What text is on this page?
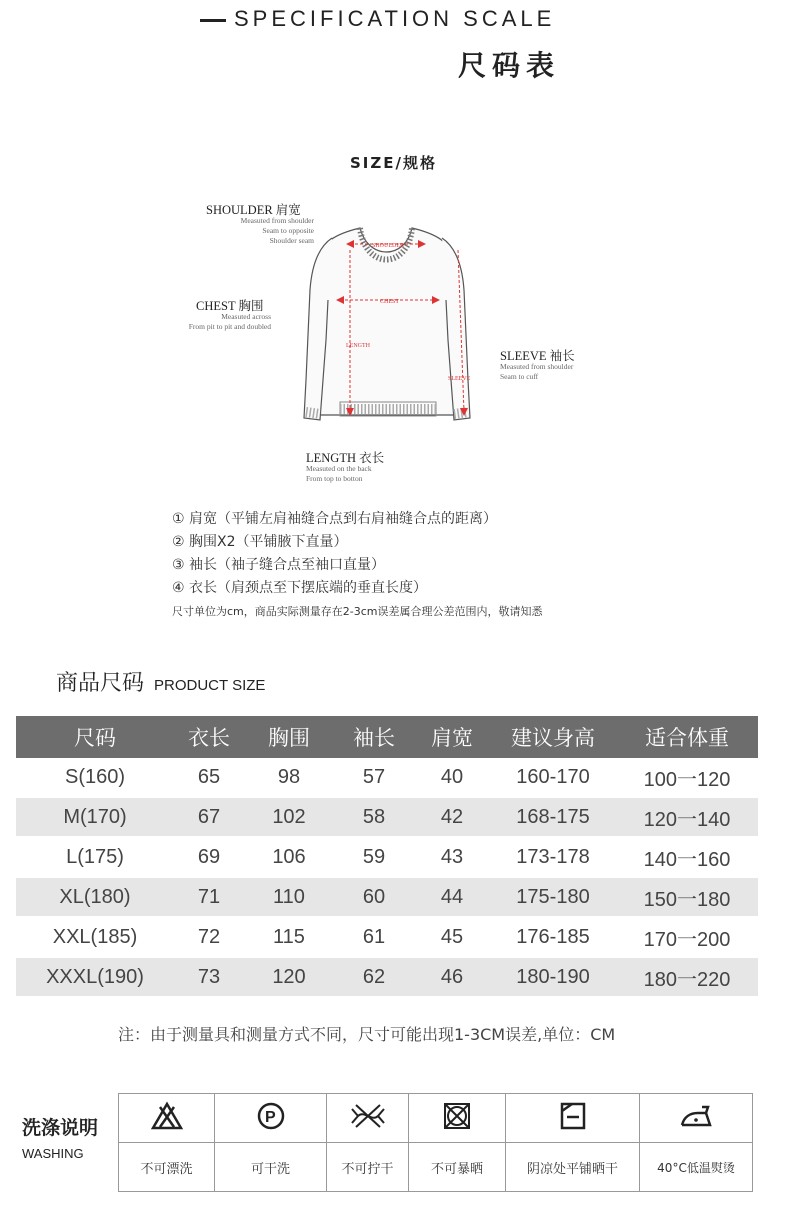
SPECIFICATION SCALE
尺码表
SIZE/规格
SHOULDER
CHEST
LENGTH
SLEEVE
SHOULDER 肩宽
Measuted from shoulder
Seam to opposite
Shoulder seam
CHEST 胸围
Measuted across
From pit to pit and doubled
SLEEVE 袖长
Measuted from shoulder
Seam to cuff
LENGTH 衣长
Measuted on the back
From top to botton
① 肩宽（平铺左肩袖缝合点到右肩袖缝合点的距离）
② 胸围X2（平铺腋下直量）
③ 袖长（袖子缝合点至袖口直量）
④ 衣长（肩颈点至下摆底端的垂直长度）
尺寸单位为cm，商品实际测量存在2-3cm误差属合理公差范围内，敬请知悉
商品尺码 PRODUCT SIZE
尺码	衣长	胸围	袖长	肩宽	建议身高	适合体重
S(160)	65	98	57	40	160-170	100一120
M(170)	67	102	58	42	168-175	120一140
L(175)	69	106	59	43	173-178	140一160
XL(180)	71	110	60	44	175-180	150一180
XXL(185)	72	115	61	45	176-185	170一200
XXXL(190)	73	120	62	46	180-190	180一220
注：由于测量具和测量方式不同，尺寸可能出现1-3CM误差,单位：CM
洗涤说明
WASHING

P

不可漂洗	可干洗	不可拧干	不可暴晒	阴凉处平铺晒干	40°C低温熨烫
